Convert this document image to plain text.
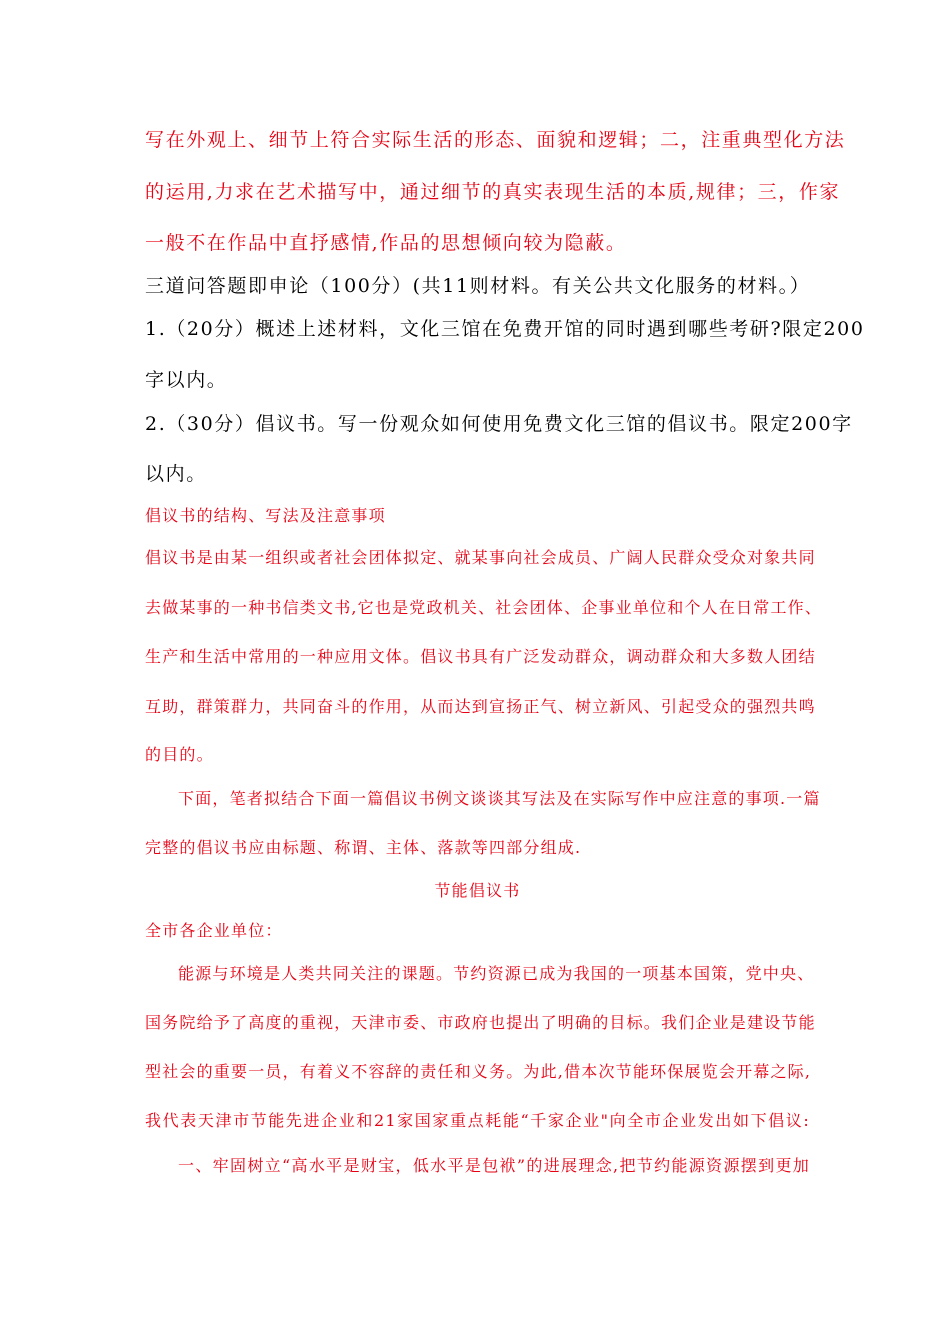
写在外观上、细节上符合实际生活的形态、面貌和逻辑；二，注重典型化方法

的运用,力求在艺术描写中，通过细节的真实表现生活的本质,规律；三，作家

一般不在作品中直抒感情,作品的思想倾向较为隐蔽。

三道问答题即申论（100分）(共11则材料。有关公共文化服务的材料。）

1.（20分）概述上述材料，文化三馆在免费开馆的同时遇到哪些考研?限定200

字以内。

2.（30分）倡议书。写一份观众如何使用免费文化三馆的倡议书。限定200字

以内。

倡议书的结构、写法及注意事项

倡议书是由某一组织或者社会团体拟定、就某事向社会成员、广阔人民群众受众对象共同

去做某事的一种书信类文书,它也是党政机关、社会团体、企事业单位和个人在日常工作、

生产和生活中常用的一种应用文体。倡议书具有广泛发动群众，调动群众和大多数人团结

互助，群策群力，共同奋斗的作用，从而达到宣扬正气、树立新风、引起受众的强烈共鸣

的目的。

下面，笔者拟结合下面一篇倡议书例文谈谈其写法及在实际写作中应注意的事项.一篇

完整的倡议书应由标题、称谓、主体、落款等四部分组成.

节能倡议书

全市各企业单位：

能源与环境是人类共同关注的课题。节约资源已成为我国的一项基本国策，党中央、

国务院给予了高度的重视，天津市委、市政府也提出了明确的目标。我们企业是建设节能

型社会的重要一员，有着义不容辞的责任和义务。为此,借本次节能环保展览会开幕之际,

我代表天津市节能先进企业和21家国家重点耗能“千家企业"向全市企业发出如下倡议:

一、牢固树立“高水平是财宝，低水平是包袱”的进展理念,把节约能源资源摆到更加
